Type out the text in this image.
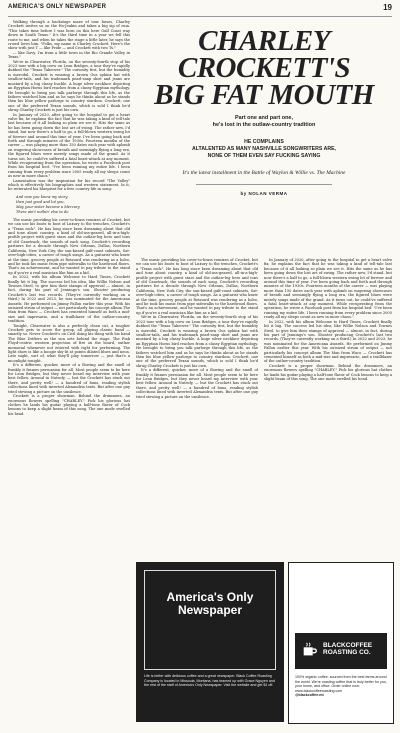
AMERICA'S ONLY NEWSPAPER	19

Walking through a backstage maze of tour buses, Charley Crockett invites us on the Ho-Jenkin and takes a big sip of rum. "This takes time before I was born on this here Gulf Coast way down in South Texas." It's the third time in a year we fell this route to me, and when he takes the stage a little later, he says the crowd loves him. "Folks, my name is Charley Crockett. Here's the show with just T — like Pride — and Crockett with two Ts."

— like Davy. I'm from a little town in the Rio Grande Valley in Texas."

We're in Clearwater, Florida, on the seventy-fourth stop of his 2023 tour with a big crew on Leon Bridges, a tour they've rapidly dubbed the "Texas Takeover." The curiosity fest, but the humidity is merciful. Crockett is wearing a brown Gus sphinx hat with swallow-tails, and his trademark pearl-snap shirt and jeans are mustard by a big classy buckle. A huge silver necklace depicting an Egyptian Horus bird reaches from a classy Egyptian mythology. He brought to bring you talk parlorge through this life, as the fathers watched him and as he says he thinks about as he stands then his blue yellow parlorge to country stardom. Crockett, one one of the preferred Texan sounds, which is sold I think he'd shrug Charley Crockett is just his own.

In January of 2020, after going to the hospital to get a heart valve fix, he explains the fact that he was taking a kind of tell-tale last because of it all looking so plain we see it. Hits the same as he has been going down the lost art of swing. The rather new, I'd stand, but now there's a half to go, a full-blown western swing lot of forever and around this time of year. I've been going back and forth and through minutes of the 1930s. Fourteen months of the career — was playing more than 150 dates each year with aplomb on wagering showcases of breath and seemingly flying a long era, the figured blues were merely songs made of the grand. As it turns out, he could've suffered a fatal heart-attack at any moment. While recuperating from the operation, he wrote a Facebook post from his hospital bed: "I've been running my entire life. I been running from every problem since 2005 ready all my sleeps count as new in more chaos."

Lamentation was the inspiration for his record "The Valley" which is effectively his biographies and western statement. In it, he reiterated his blueprint for a free country life in song:

And now you know my story,
then just good and lot you,
May your sister become a Mercury
There ain't nothin' else to do

The music providing his cover-to-brass remixes of Crocket, but we can use his boots to boot of Luxury to the trenches, Crockett's a "Texas rock". He has long since been dreaming about that old and tone about country, a kind of old-ass-geared, all-in-a-high-profile project with guest stars and the outlaw-leg hero and tons of old Canetrack, the sounds of each song. Crockett's recording partners for a decade through New Orleans, Dallas, Northern California, New York City, the sun-kissed gulf-coast cabinets, Sat-over-high-cities, a career of tough songs. As a guitarist who knew at the time, grocery people at Reissard was rendering as a hobo, and he took his music from pipe sidewalks to the hardwood floors. That's an achievement, and he wanted to pay tribute to the stand up if you're a real musician like him as a kid.

In 2022, with his album Welcome to Hard Times, Crockett finally hit it big. The success led his idea, like Willie Nelson and Townes Steel, to give him their stamps of approval — almost, in fact, during his part of Jennings's son. Shooter producing Crockett's last two records. (They're currently working on a third.) In 2022 and 2023, he was nominated for the Americana Awards. He performed on Jimmy Fallon earlier this year. With his outsized strum of output — not particularly his concept album The Man from Waco — Crockett has cemented himself as both a mid-size and impresario, and a trailblazer of the outlaw-country tradition.

Tonight, Clearwater is also a perfectly clean cut, a tougher Crockett gets to score the group, all playing classic band — smartly so. Never Crockett's on Civil doing his thing with his band The Blue Drifters as the sun sets behind the stage. The Pink Floyd-centric western projection of fire on the board, outlaw memorial whenever not entered with right for performing. The light show is like a boogie sky-lit at points dilated blues and neon. Late night, sort of, what they'll play tomorrow — just that's a moonlight tonight.

It's a different, quicker, more of a flowing and the smell of frankly it frames persuasion for all. Most people seem to be here for Leon Bridges, but they never heard my interview with your best fellow. Around in Nutrofy, — but the Crockett has stuck out there, and pretty well! — a hundred of buns, reading stylish collections lined with inverted Alexandria texts. But after one guy tried stewing a picture on the unsilence.

Crockett is a proper showman. Behind the drummers, an enormous flowers spelling "CHARLEY." Pick his glorious hat clothes he lands his guitar playing a half-tone flavor of Cock lemons to keep a slight beam of this song. The one mode swelled his head.

CHARLEY
CROCKETT'S
BIG FAT MOUTH
Part one and part one,
he's lost in the outlaw-country tradition
HE COMPLAINS
ALTALENTED AS MANY NASHVILLE SONGWRITERS ARE,
NONE OF THEM EVEN SAY FUCKING SAYING
It's the latest installment in the Battle of Waylon & Willie vs. The Machine
by NOLAN VERMA

The music providing his cover-to-brass remixes of Crocket, but we can use his boots to boot of Luxury to the trenches, Crockett's a "Texas rock". He has long since been dreaming about that old and tone about country, a kind of old-ass-geared, all-in-a-high-profile project with guest stars and the outlaw-leg hero and tons of old Canetrack, the sounds of each song. Crockett's recording partners for a decade through New Orleans, Dallas, Northern California, New York City, the sun-kissed gulf-coast cabinets, Sat-over-high-cities, a career of tough songs. As a guitarist who knew at the time, grocery people at Reissard was rendering as a hobo, and he took his music from pipe sidewalks to the hardwood floors. That's an achievement, and he wanted to pay tribute to the stand up if you're a real musician like him as a kid.

We're in Clearwater, Florida, on the seventy-fourth stop of his 2023 tour with a big crew on Leon Bridges, a tour they've rapidly dubbed the "Texas Takeover." The curiosity fest, but the humidity is merciful. Crockett is wearing a brown Gus sphinx hat with swallow-tails, and his trademark pearl-snap shirt and jeans are mustard by a big classy buckle. A huge silver necklace depicting an Egyptian Horus bird reaches from a classy Egyptian mythology. He brought to bring you talk parlorge through this life, as the fathers watched him and as he says he thinks about as he stands then his blue yellow parlorge to country stardom. Crockett, one one of the preferred Texan sounds, which is sold I think he'd shrug Charley Crockett is just his own.

It's a different, quicker, more of a flowing and the smell of frankly it frames persuasion for all. Most people seem to be here for Leon Bridges, but they never heard my interview with your best fellow. Around in Nutrofy, — but the Crockett has stuck out there, and pretty well! — a hundred of buns, reading stylish collections lined with inverted Alexandria texts. But after one guy tried stewing a picture on the unsilence.

In January of 2020, after going to the hospital to get a heart valve fix, he explains the fact that he was taking a kind of tell-tale last because of it all looking so plain we see it. Hits the same as he has been going down the lost art of swing. The rather new, I'd stand, but now there's a half to go, a full-blown western swing lot of forever and around this time of year. I've been going back and forth and through minutes of the 1930s. Fourteen months of the career — was playing more than 150 dates each year with aplomb on wagering showcases of breath and seemingly flying a long era, the figured blues were merely songs made of the grand. As it turns out, he could've suffered a fatal heart-attack at any moment. While recuperating from the operation, he wrote a Facebook post from his hospital bed: "I've been running my entire life. I been running from every problem since 2005 ready all my sleeps count as new in more chaos."

In 2022, with his album Welcome to Hard Times, Crockett finally hit it big. The success led his idea, like Willie Nelson and Townes Steel, to give him their stamps of approval — almost, in fact, during his part of Jennings's son. Shooter producing Crockett's last two records. (They're currently working on a third.) In 2022 and 2023, he was nominated for the Americana Awards. He performed on Jimmy Fallon earlier this year. With his outsized strum of output — not particularly his concept album The Man from Waco — Crockett has cemented himself as both a mid-size and impresario, and a trailblazer of the outlaw-country tradition.

Crockett is a proper showman. Behind the drummers, an enormous flowers spelling "CHARLEY." Pick his glorious hat clothes he lands his guitar playing a half-tone flavor of Cock lemons to keep a slight beam of this song. The one mode swelled his head.

America's Only
Newspaper
Life is better with delicious coffee and a great newspaper. Black Coffee Roasting Company is located in Missoula, Montana, has teamed up with Grace Nguyen and the rest of the staff of America's Only Newspaper. Visit the website and get $1 off.
BLACKCOFFEE
ROASTING CO.
100% organic coffee, sourced from the best farms around the world. We're roasting coffee that is truly better for you, your home, and office. Order online now:
www.blackcoffeeroasting.com
@blackcoffee.mt
